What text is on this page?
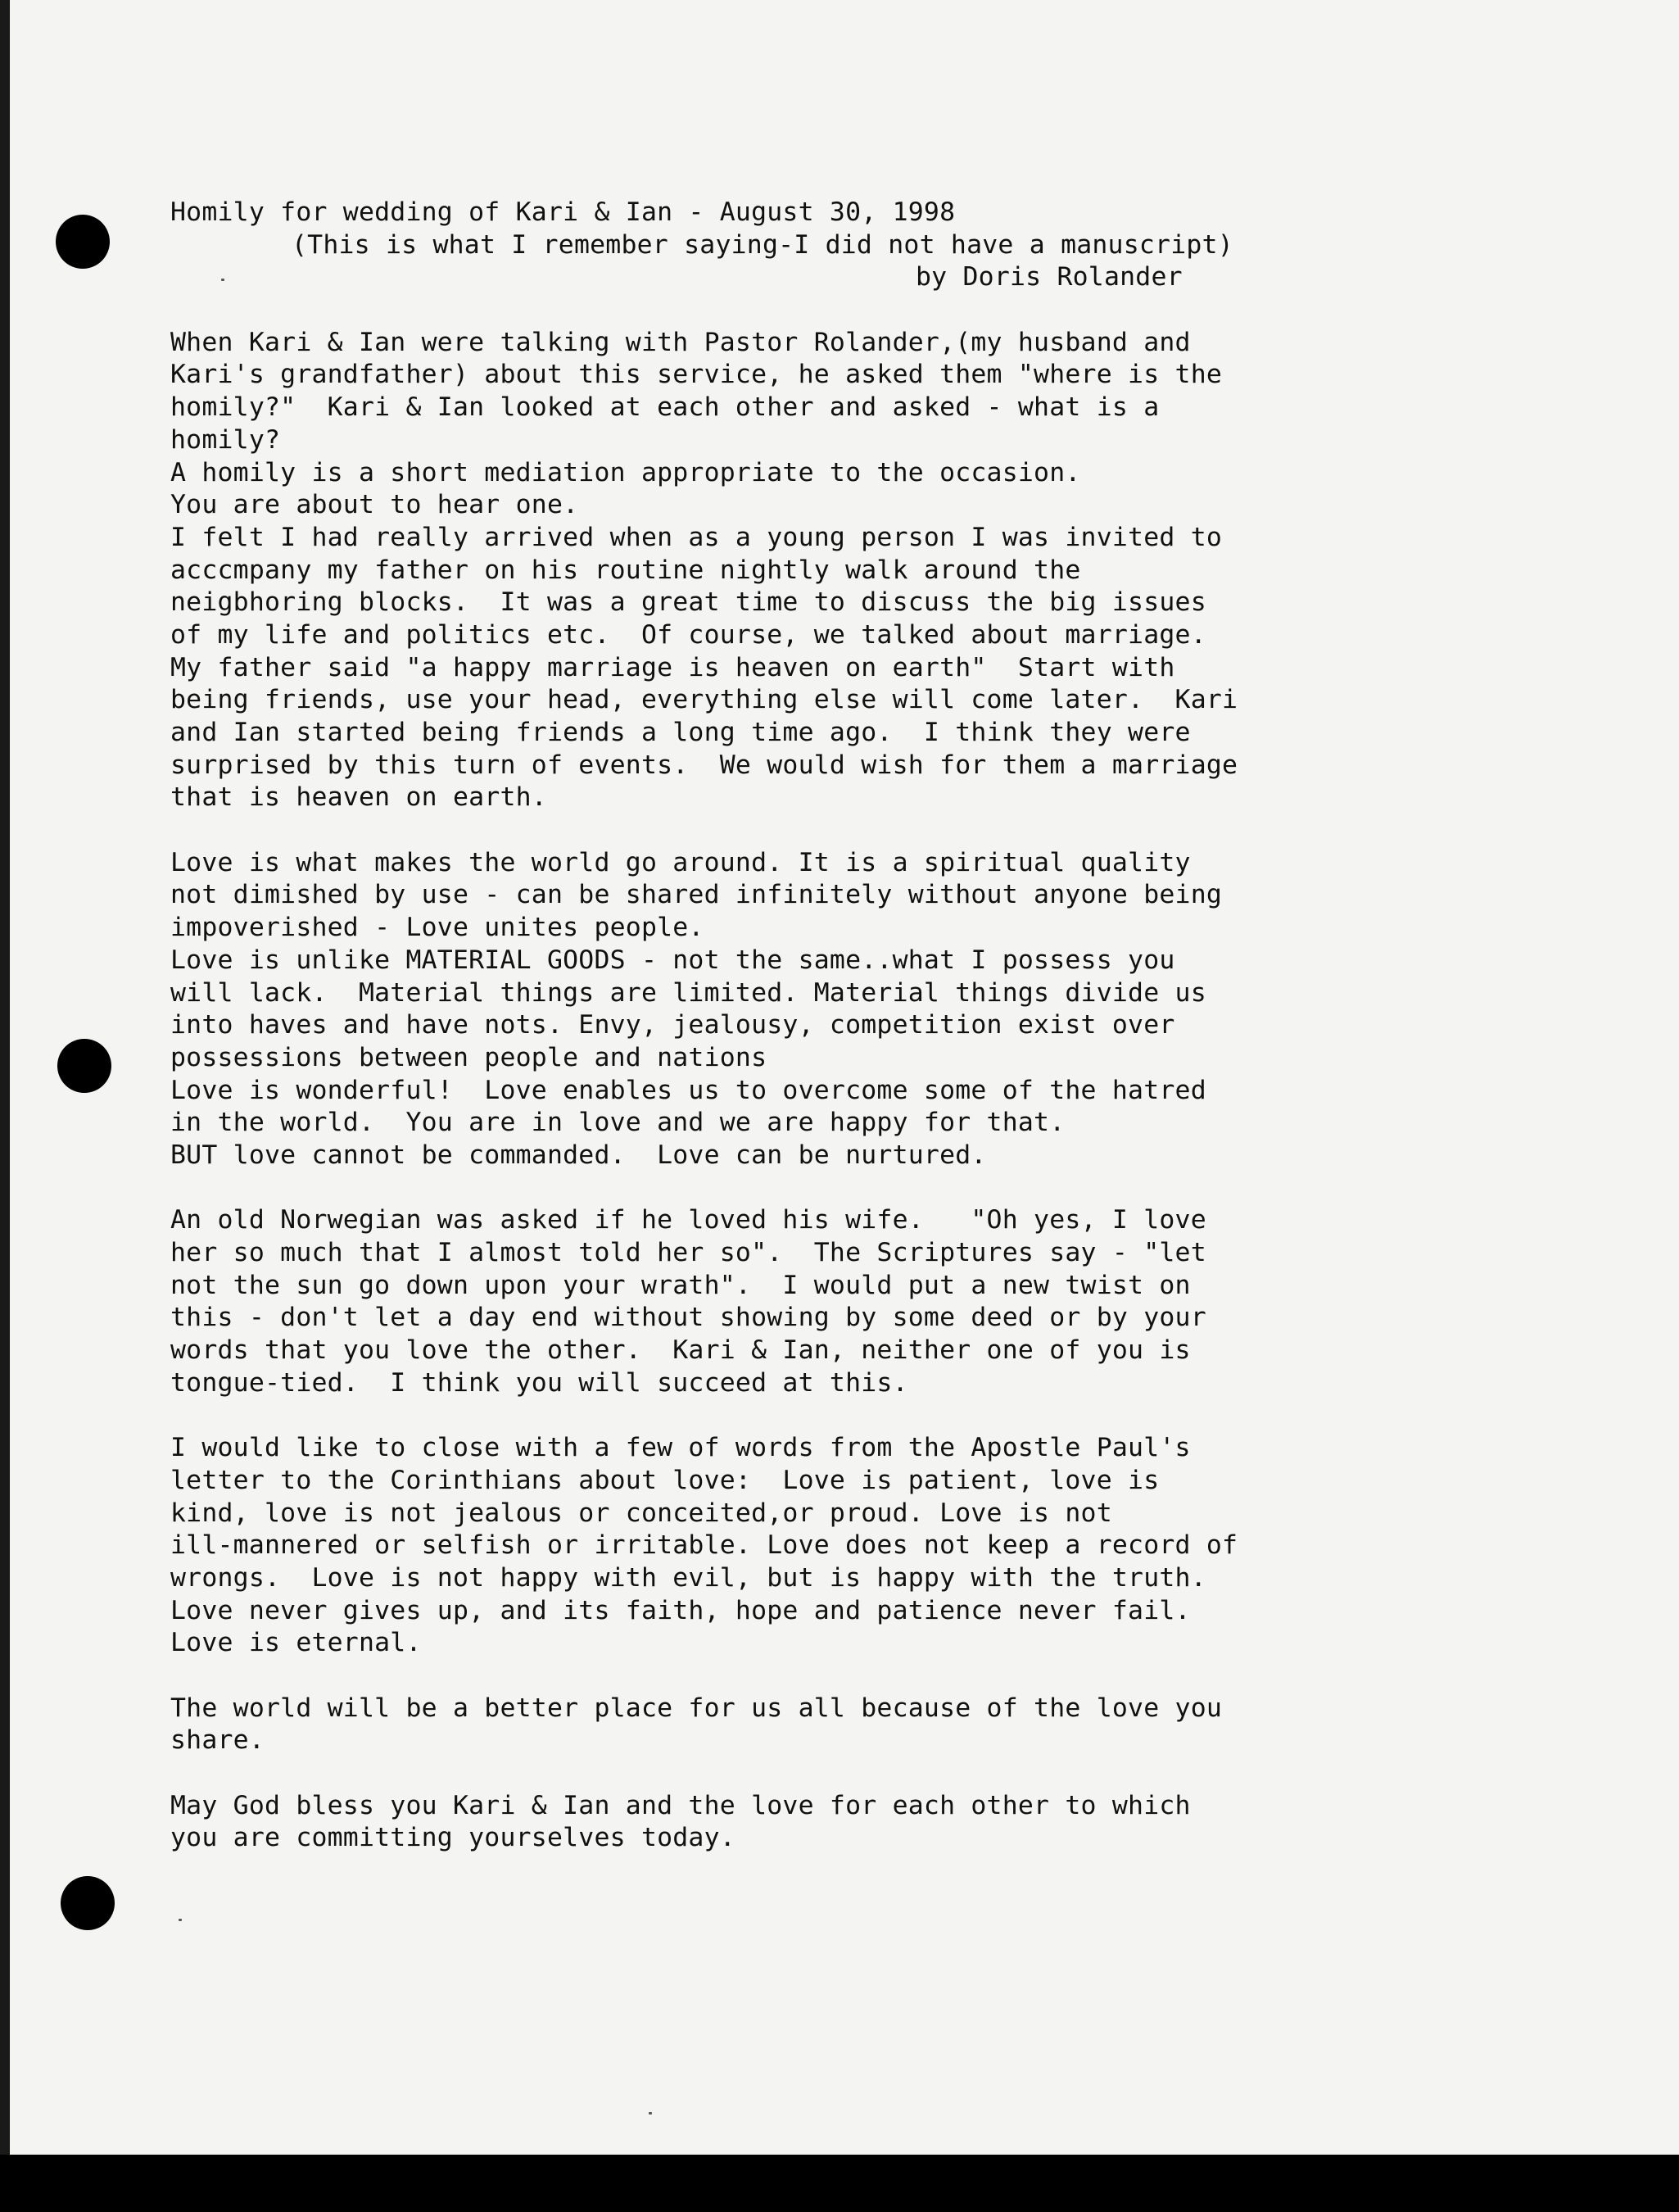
Homily for wedding of Kari & Ian - August 30, 1998
(This is what I remember saying-I did not have a manuscript)
by Doris Rolander
When Kari & Ian were talking with Pastor Rolander,(my husband and
Kari's grandfather) about this service, he asked them "where is the
homily?"  Kari & Ian looked at each other and asked - what is a
homily?
A homily is a short mediation appropriate to the occasion.
You are about to hear one.
I felt I had really arrived when as a young person I was invited to
acccmpany my father on his routine nightly walk around the
neigbhoring blocks.  It was a great time to discuss the big issues
of my life and politics etc.  Of course, we talked about marriage.
My father said "a happy marriage is heaven on earth"  Start with
being friends, use your head, everything else will come later.  Kari
and Ian started being friends a long time ago.  I think they were
surprised by this turn of events.  We would wish for them a marriage
that is heaven on earth.
Love is what makes the world go around. It is a spiritual quality
not dimished by use - can be shared infinitely without anyone being
impoverished - Love unites people.
Love is unlike MATERIAL GOODS - not the same..what I possess you
will lack.  Material things are limited. Material things divide us
into haves and have nots. Envy, jealousy, competition exist over
possessions between people and nations
Love is wonderful!  Love enables us to overcome some of the hatred
in the world.  You are in love and we are happy for that.
BUT love cannot be commanded.  Love can be nurtured.
An old Norwegian was asked if he loved his wife.   "Oh yes, I love
her so much that I almost told her so".  The Scriptures say - "let
not the sun go down upon your wrath".  I would put a new twist on
this - don't let a day end without showing by some deed or by your
words that you love the other.  Kari & Ian, neither one of you is
tongue-tied.  I think you will succeed at this.
I would like to close with a few of words from the Apostle Paul's
letter to the Corinthians about love:  Love is patient, love is
kind, love is not jealous or conceited,or proud. Love is not
ill-mannered or selfish or irritable. Love does not keep a record of
wrongs.  Love is not happy with evil, but is happy with the truth.
Love never gives up, and its faith, hope and patience never fail.
Love is eternal.
The world will be a better place for us all because of the love you
share.
May God bless you Kari & Ian and the love for each other to which
you are committing yourselves today.
